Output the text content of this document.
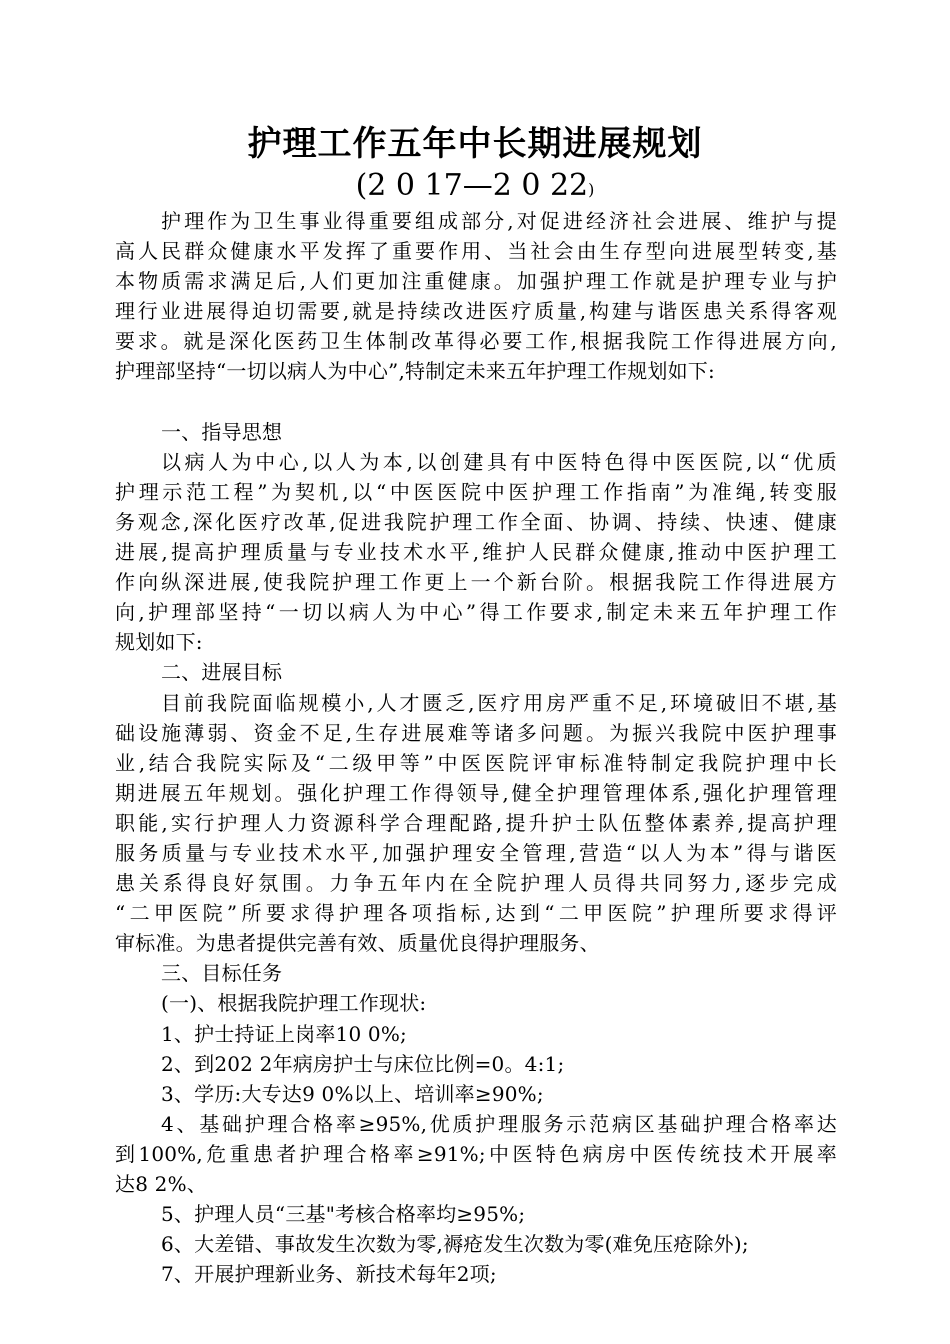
护理工作五年中长期进展规划
(2 0 17—2 0 22)
护理作为卫生事业得重要组成部分,对促进经济社会进展、维护与提
高人民群众健康水平发挥了重要作用、当社会由生存型向进展型转变,基
本物质需求满足后,人们更加注重健康。加强护理工作就是护理专业与护
理行业进展得迫切需要,就是持续改进医疗质量,构建与谐医患关系得客观
要求。就是深化医药卫生体制改革得必要工作,根据我院工作得进展方向,
护理部坚持“一切以病人为中心”,特制定未来五年护理工作规划如下:
一、指导思想
以病人为中心,以人为本,以创建具有中医特色得中医医院,以“优质
护理示范工程”为契机,以“中医医院中医护理工作指南”为准绳,转变服
务观念,深化医疗改革,促进我院护理工作全面、协调、持续、快速、健康
进展,提高护理质量与专业技术水平,维护人民群众健康,推动中医护理工
作向纵深进展,使我院护理工作更上一个新台阶。根据我院工作得进展方
向,护理部坚持“一切以病人为中心”得工作要求,制定未来五年护理工作
规划如下:
二、进展目标
目前我院面临规模小,人才匮乏,医疗用房严重不足,环境破旧不堪,基
础设施薄弱、资金不足,生存进展难等诸多问题。为振兴我院中医护理事
业,结合我院实际及“二级甲等”中医医院评审标准特制定我院护理中长
期进展五年规划。强化护理工作得领导,健全护理管理体系,强化护理管理
职能,实行护理人力资源科学合理配路,提升护士队伍整体素养,提高护理
服务质量与专业技术水平,加强护理安全管理,营造“以人为本”得与谐医
患关系得良好氛围。力争五年内在全院护理人员得共同努力,逐步完成
“二甲医院”所要求得护理各项指标,达到“二甲医院”护理所要求得评
审标准。为患者提供完善有效、质量优良得护理服务、
三、目标任务
(一)、根据我院护理工作现状:
1、护士持证上岗率10 0%;
2、到202 2年病房护士与床位比例=0。4:1;
3、学历:大专达9 0%以上、培训率≥90%;
4、基础护理合格率≥95%,优质护理服务示范病区基础护理合格率达
到100%,危重患者护理合格率≥91%;中医特色病房中医传统技术开展率
达8 2%、
5、护理人员“三基"考核合格率均≥95%;
6、大差错、事故发生次数为零,褥疮发生次数为零(难免压疮除外);
7、开展护理新业务、新技术每年2项;
